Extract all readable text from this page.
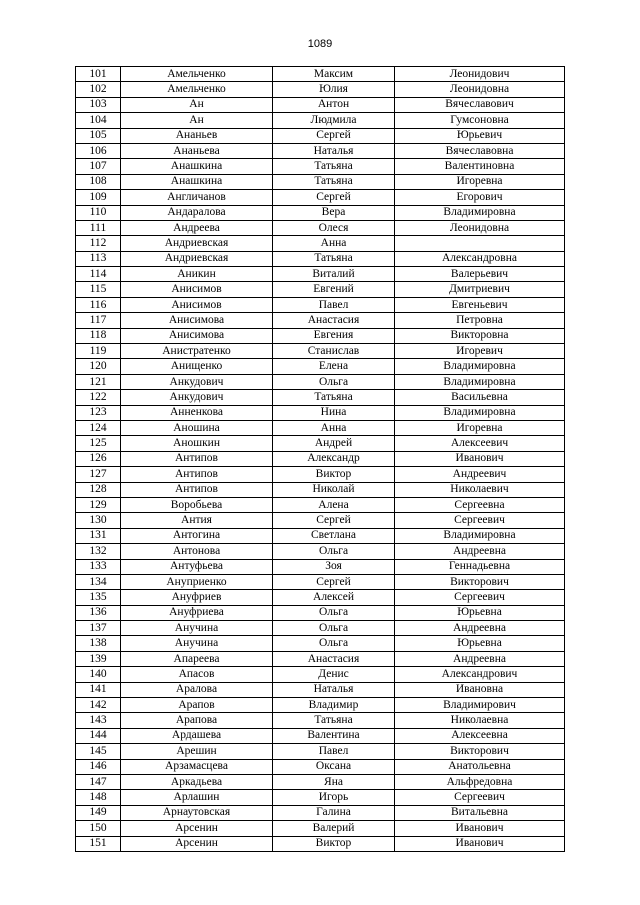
1089
101	Амельченко	Максим	Леонидович
102	Амельченко	Юлия	Леонидовна
103	Ан	Антон	Вячеславович
104	Ан	Людмила	Гумсоновна
105	Ананьев	Сергей	Юрьевич
106	Ананьева	Наталья	Вячеславовна
107	Анашкина	Татьяна	Валентиновна
108	Анашкина	Татьяна	Игоревна
109	Англичанов	Сергей	Егорович
110	Андаралова	Вера	Владимировна
111	Андреева	Олеся	Леонидовна
112	Андриевская	Анна	
113	Андриевская	Татьяна	Александровна
114	Аникин	Виталий	Валерьевич
115	Анисимов	Евгений	Дмитриевич
116	Анисимов	Павел	Евгеньевич
117	Анисимова	Анастасия	Петровна
118	Анисимова	Евгения	Викторовна
119	Анистратенко	Станислав	Игоревич
120	Анищенко	Елена	Владимировна
121	Анкудович	Ольга	Владимировна
122	Анкудович	Татьяна	Васильевна
123	Анненкова	Нина	Владимировна
124	Аношина	Анна	Игоревна
125	Аношкин	Андрей	Алексеевич
126	Антипов	Александр	Иванович
127	Антипов	Виктор	Андреевич
128	Антипов	Николай	Николаевич
129	Воробьева	Алена	Сергеевна
130	Антия	Сергей	Сергеевич
131	Антогина	Светлана	Владимировна
132	Антонова	Ольга	Андреевна
133	Антуфьева	Зоя	Геннадьевна
134	Ануприенко	Сергей	Викторович
135	Ануфриев	Алексей	Сергеевич
136	Ануфриева	Ольга	Юрьевна
137	Анучина	Ольга	Андреевна
138	Анучина	Ольга	Юрьевна
139	Апареева	Анастасия	Андреевна
140	Апасов	Денис	Александрович
141	Аралова	Наталья	Ивановна
142	Арапов	Владимир	Владимирович
143	Арапова	Татьяна	Николаевна
144	Ардашева	Валентина	Алексеевна
145	Арешин	Павел	Викторович
146	Арзамасцева	Оксана	Анатольевна
147	Аркадьева	Яна	Альфредовна
148	Арлашин	Игорь	Сергеевич
149	Арнаутовская	Галина	Витальевна
150	Арсенин	Валерий	Иванович
151	Арсенин	Виктор	Иванович
